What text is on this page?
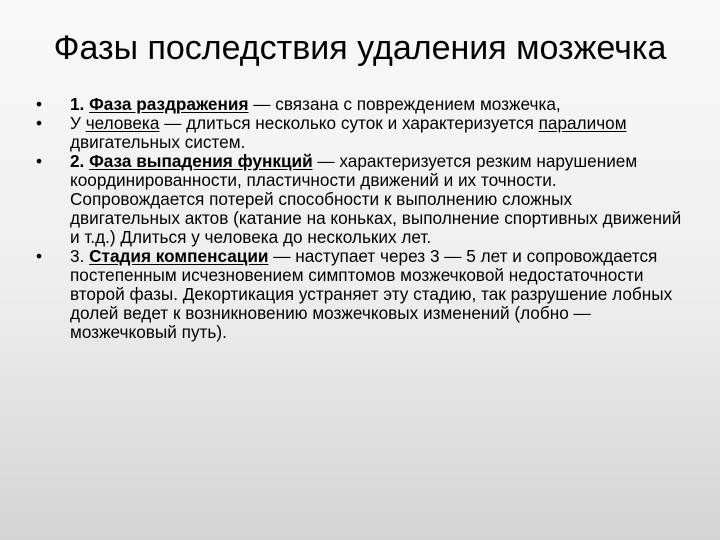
Фазы последствия удаления мозжечка
•	1. Фаза раздражения — связана с повреждением мозжечка,
•	У человека — длиться несколько суток и характеризуется параличом двигательных систем.
•	2. Фаза выпадения функций — характеризуется резким нарушением координированности, пластичности движений и их точности. Сопровождается потерей способности к выполнению сложных двигательных актов (катание на коньках, выполнение спортивных движений и т.д.) Длиться у человека до нескольких лет.
•	3. Стадия компенсации — наступает через 3 — 5 лет и сопровождается постепенным исчезновением симптомов мозжечковой недостаточности второй фазы. Декортикация устраняет эту стадию, так разрушение лобных долей ведет к возникновению мозжечковых изменений (лобно — мозжечковый путь).
